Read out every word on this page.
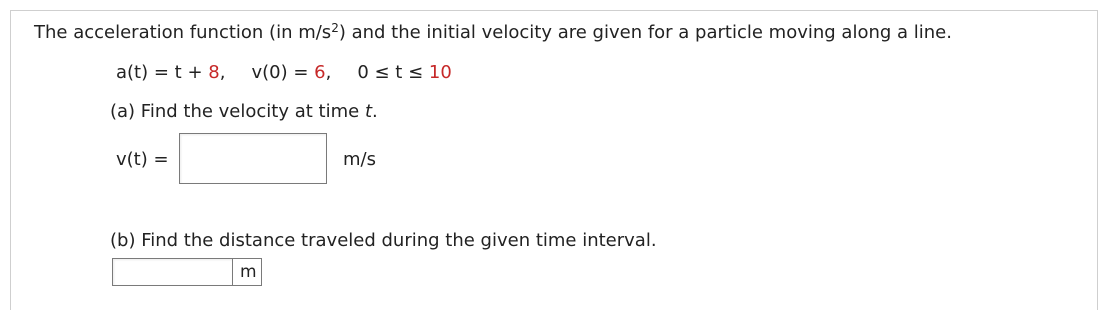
The acceleration function (in $m/s^2$) and the initial velocity are given for a particle moving along a line.
a(t) = t + 8, v(0) = 6, 0 ≤ t ≤ 10
(a) Find the velocity at time t.
v(t) =	m/s
(b) Find the distance traveled during the given time interval.
m
